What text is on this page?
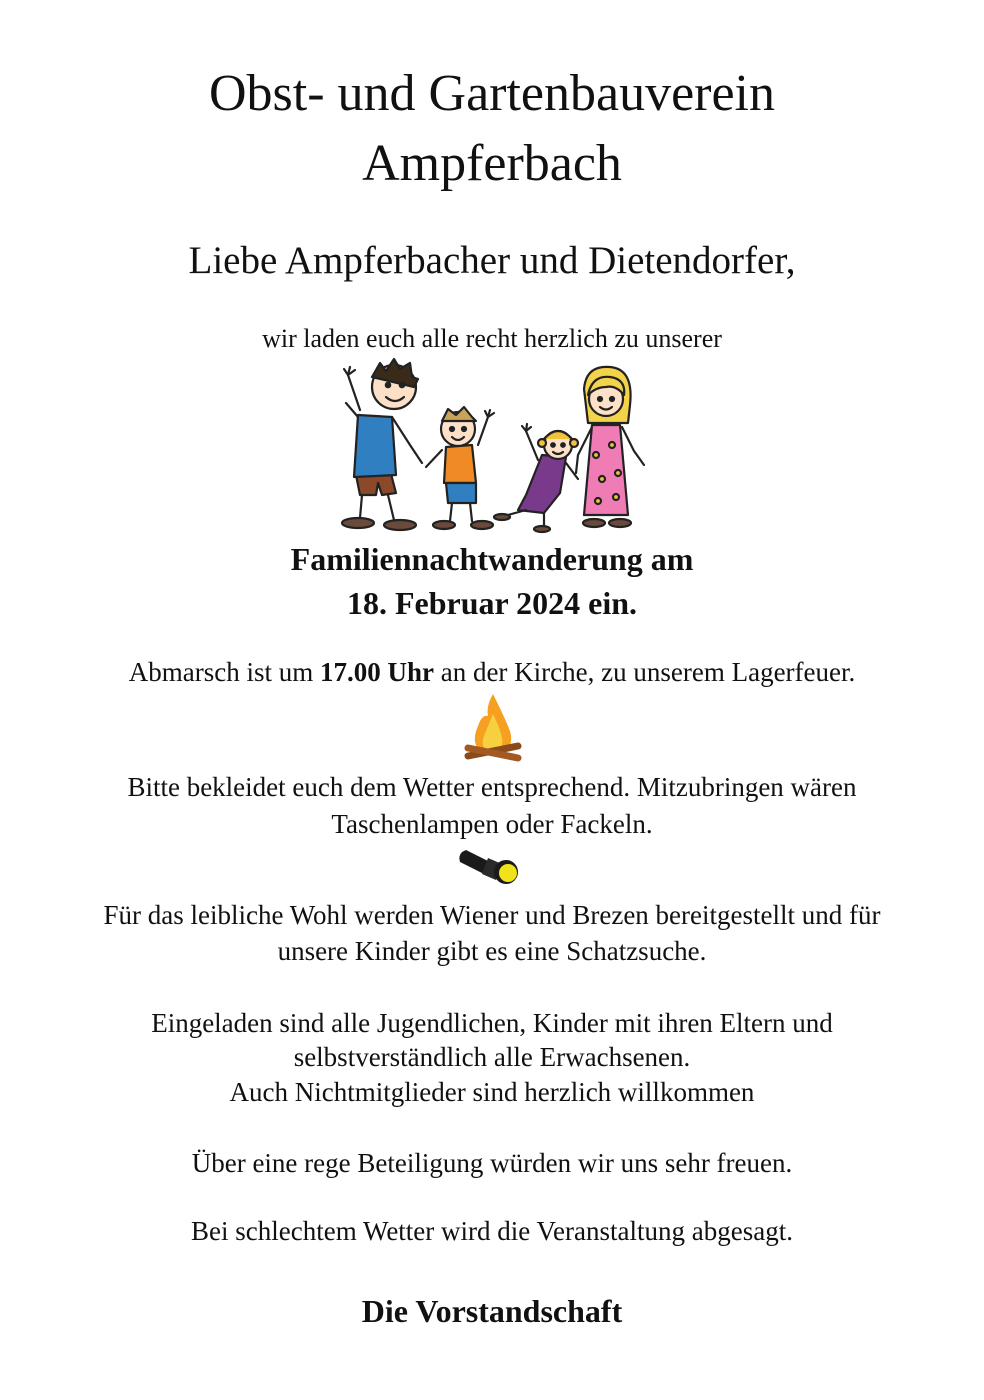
Obst- und Gartenbauverein
Ampferbach
Liebe Ampferbacher und Dietendorfer,
wir laden euch alle recht herzlich zu unserer
Familiennachtwanderung am
18. Februar 2024 ein.
Abmarsch ist um 17.00 Uhr an der Kirche, zu unserem Lagerfeuer.
Bitte bekleidet euch dem Wetter entsprechend. Mitzubringen wären
Taschenlampen oder Fackeln.
Für das leibliche Wohl werden Wiener und Brezen bereitgestellt und für
unsere Kinder gibt es eine Schatzsuche.
Eingeladen sind alle Jugendlichen, Kinder mit ihren Eltern und
selbstverständlich alle Erwachsenen.
Auch Nichtmitglieder sind herzlich willkommen
Über eine rege Beteiligung würden wir uns sehr freuen.
Bei schlechtem Wetter wird die Veranstaltung abgesagt.
Die Vorstandschaft
